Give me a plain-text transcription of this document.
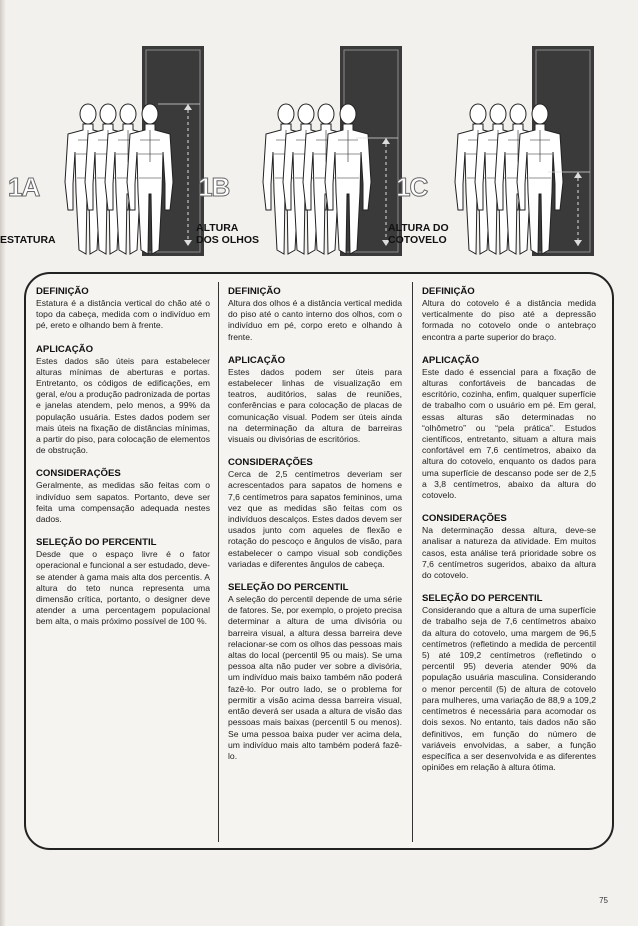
1A
ESTATURA
1B
ALTURA
DOS OLHOS
1C
ALTURA DO
COTOVELO
DEFINIÇÃO

Estatura é a distância vertical do chão até o topo da cabeça, medida com o indivíduo em pé, ereto e olhando bem à frente.

APLICAÇÃO

Estes dados são úteis para estabelecer alturas mínimas de aberturas e portas. Entretanto, os códigos de edificações, em geral, e/ou a produção padronizada de portas e janelas atendem, pelo menos, a 99% da população usuária. Estes dados podem ser mais úteis na fixação de distâncias mínimas, a partir do piso, para colocação de elementos de obstrução.

CONSIDERAÇÕES

Geralmente, as medidas são feitas com o indivíduo sem sapatos. Portanto, deve ser feita uma compensação adequada nestes dados.

SELEÇÃO DO PERCENTIL

Desde que o espaço livre é o fator operacional e funcional a ser estudado, deve-se atender à gama mais alta dos percentis. A altura do teto nunca representa uma dimensão crítica, portanto, o designer deve atender a uma percentagem populacional bem alta, o mais próximo possível de 100 %.

DEFINIÇÃO

Altura dos olhos é a distância vertical medida do piso até o canto interno dos olhos, com o indivíduo em pé, corpo ereto e olhando à frente.

APLICAÇÃO

Estes dados podem ser úteis para estabelecer linhas de visualização em teatros, auditórios, salas de reuniões, conferências e para colocação de placas de comunicação visual. Podem ser úteis ainda na determinação da altura de barreiras visuais ou divisórias de escritórios.

CONSIDERAÇÕES

Cerca de 2,5 centímetros deveriam ser acrescentados para sapatos de homens e 7,6 centímetros para sapatos femininos, uma vez que as medidas são feitas com os indivíduos descalços. Estes dados devem ser usados junto com aqueles de flexão e rotação do pescoço e ângulos de visão, para estabelecer o campo visual sob condições variadas e diferentes ângulos de cabeça.

SELEÇÃO DO PERCENTIL

A seleção do percentil depende de uma série de fatores. Se, por exemplo, o projeto precisa determinar a altura de uma divisória ou barreira visual, a altura dessa barreira deve relacionar-se com os olhos das pessoas mais altas do local (percentil 95 ou mais). Se uma pessoa alta não puder ver sobre a divisória, um indivíduo mais baixo também não poderá fazê-lo. Por outro lado, se o problema for permitir a visão acima dessa barreira visual, então deverá ser usada a altura de visão das pessoas mais baixas (percentil 5 ou menos). Se uma pessoa baixa puder ver acima dela, um indivíduo mais alto também poderá fazê-lo.

DEFINIÇÃO

Altura do cotovelo é a distância medida verticalmente do piso até a depressão formada no cotovelo onde o antebraço encontra a parte superior do braço.

APLICAÇÃO

Este dado é essencial para a fixação de alturas confortáveis de bancadas de escritório, cozinha, enfim, qualquer superfície de trabalho com o usuário em pé. Em geral, essas alturas são determinadas no “olhômetro” ou “pela prática”. Estudos científicos, entretanto, situam a altura mais confortável em 7,6 centímetros, abaixo da altura do cotovelo, enquanto os dados para uma superfície de descanso pode ser de 2,5 a 3,8 centímetros, abaixo da altura do cotovelo.

CONSIDERAÇÕES

Na determinação dessa altura, deve-se analisar a natureza da atividade. Em muitos casos, esta análise terá prioridade sobre os 7,6 centímetros sugeridos, abaixo da altura do cotovelo.

SELEÇÃO DO PERCENTIL

Considerando que a altura de uma superfície de trabalho seja de 7,6 centímetros abaixo da altura do cotovelo, uma margem de 96,5 centímetros (refletindo a medida de percentil 5) até 109,2 centímetros (refletindo o percentil 95) deveria atender 90% da população usuária masculina. Considerando o menor percentil (5) de altura de cotovelo para mulheres, uma variação de 88,9 a 109,2 centímetros é necessária para acomodar os dois sexos. No entanto, tais dados não são definitivos, em função do número de variáveis envolvidas, a saber, a função específica a ser desenvolvida e as diferentes opiniões em relação à altura ótima.

75
